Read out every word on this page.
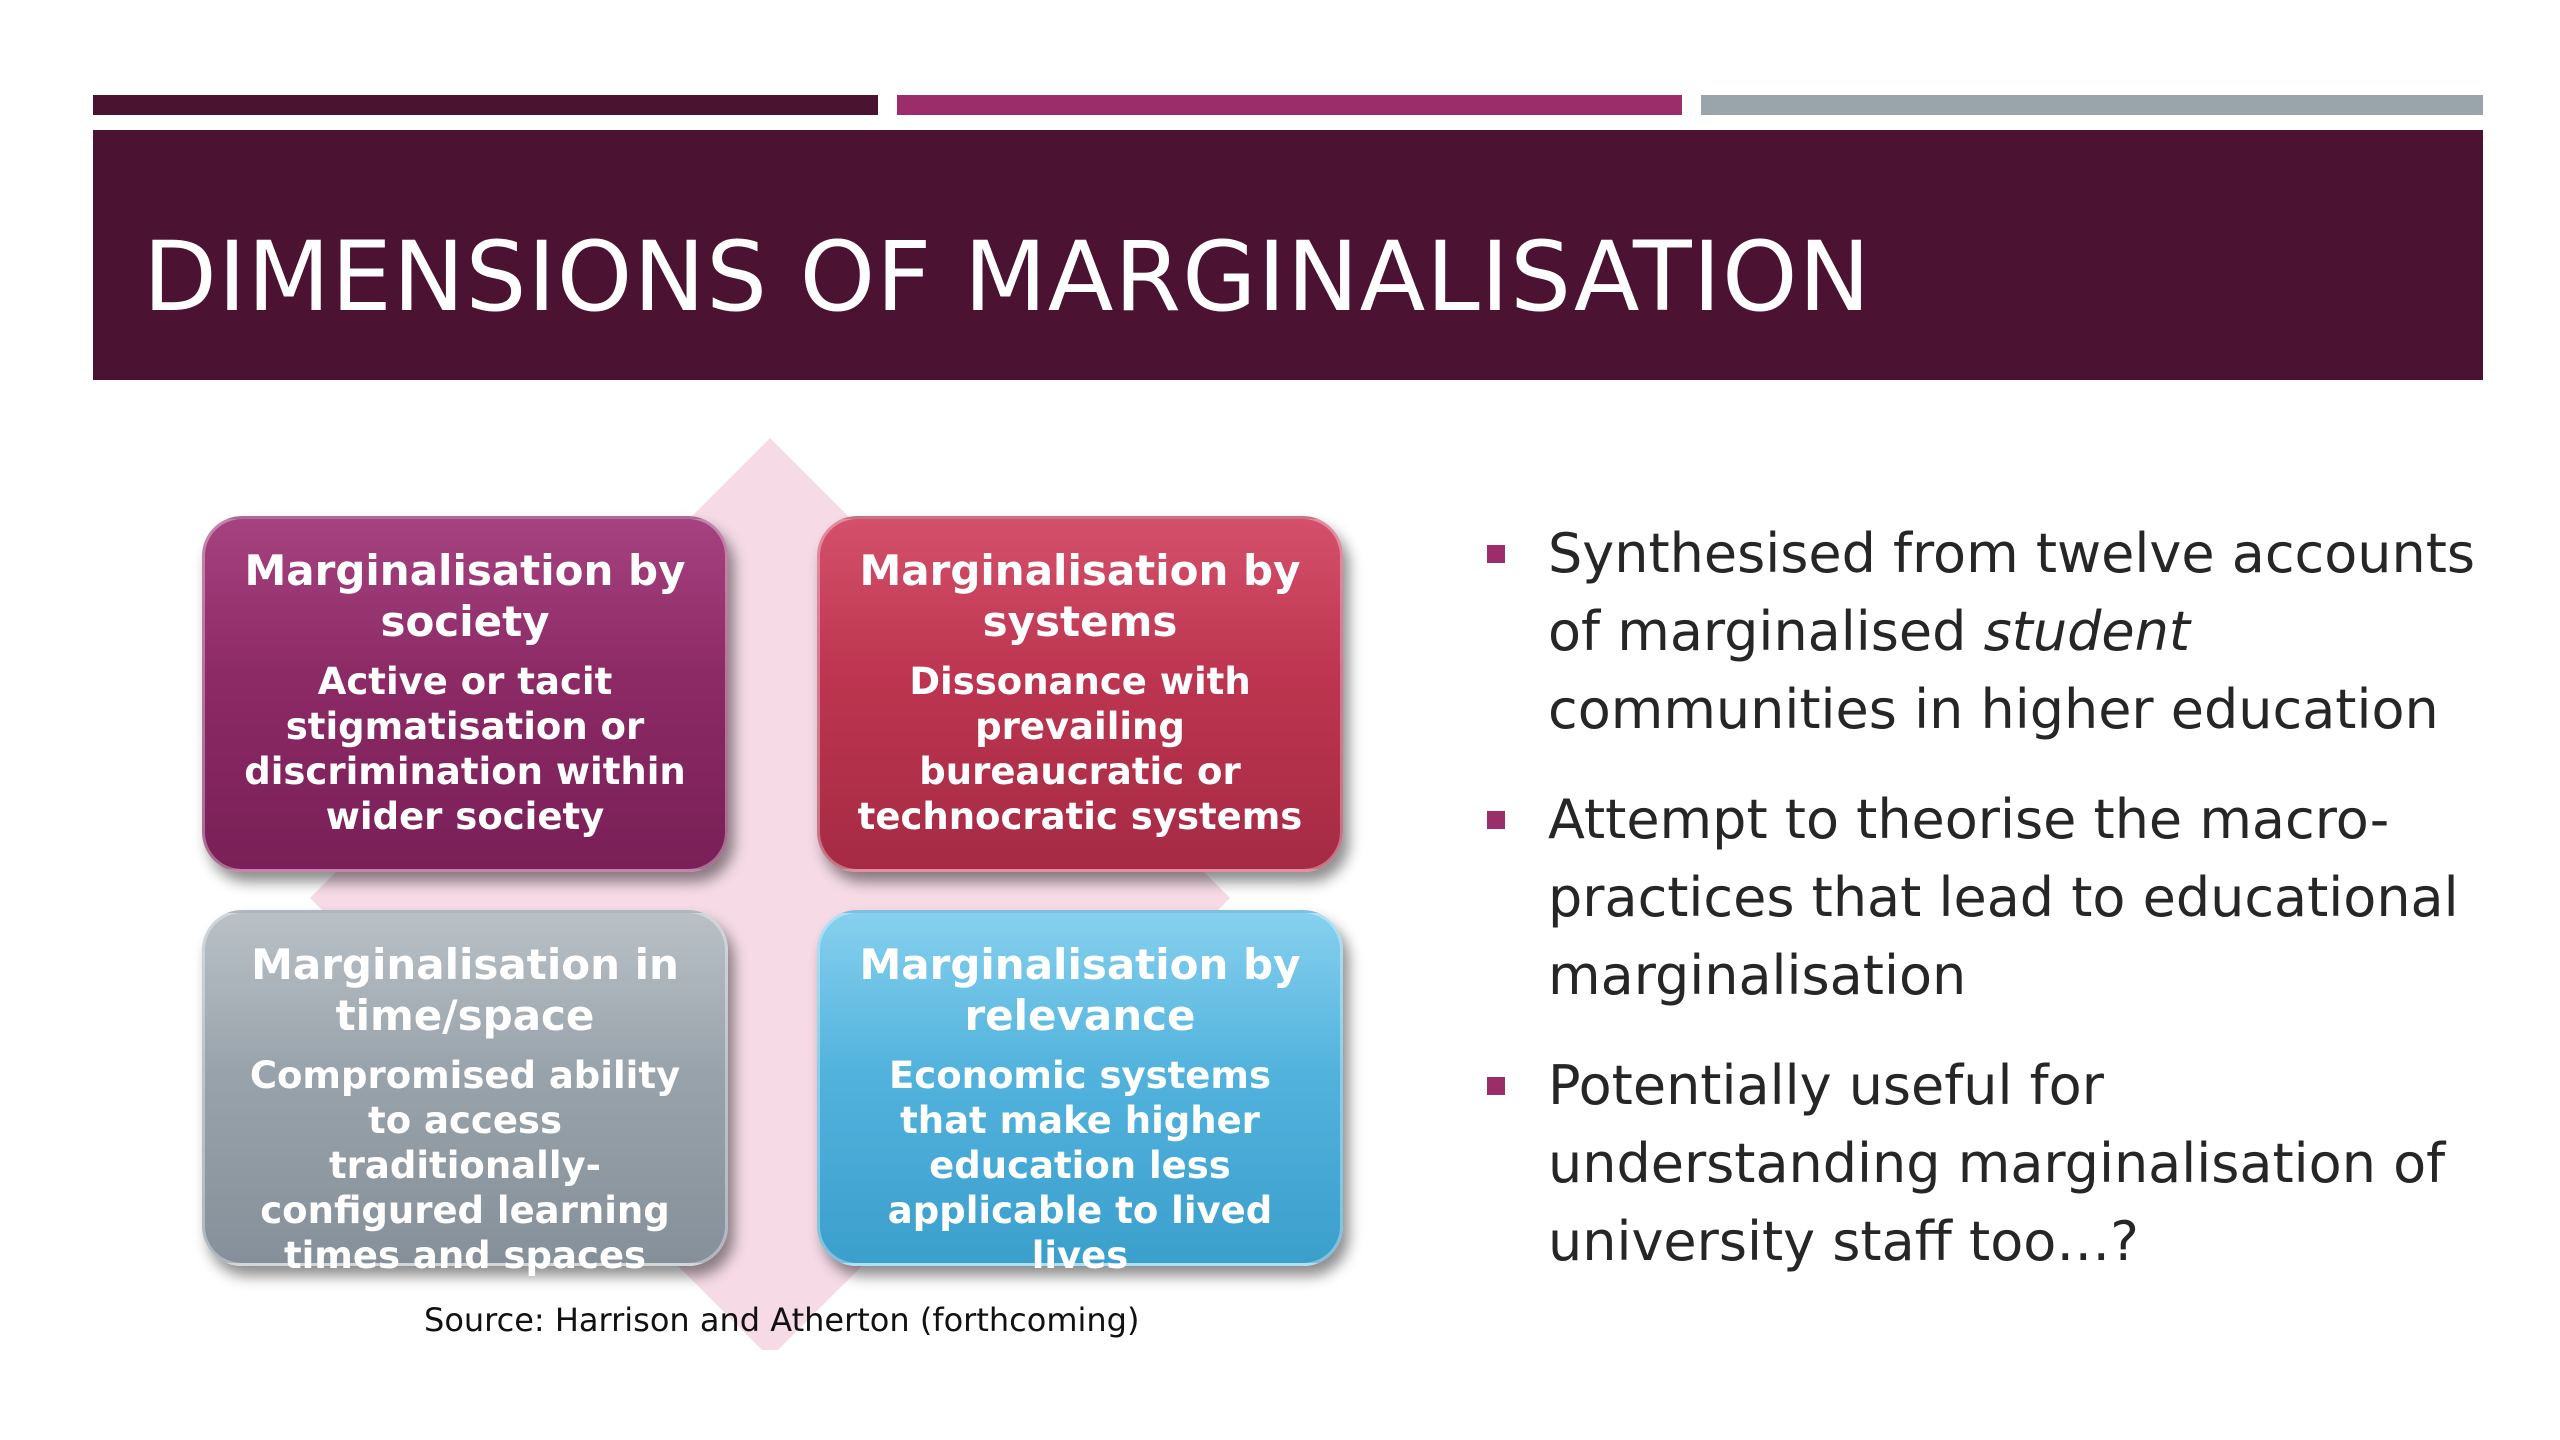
DIMENSIONS OF MARGINALISATION
Marginalisation by society
Active or tacit stigmatisation or discrimination within wider society
Marginalisation by systems
Dissonance with prevailing bureaucratic or technocratic systems
Marginalisation in time/space
Compromised ability to access traditionally-configured learning times and spaces
Marginalisation by relevance
Economic systems that make higher education less applicable to lived lives
Source: Harrison and Atherton (forthcoming)
Synthesised from twelve accounts of marginalised student communities in higher education
Attempt to theorise the macro-practices that lead to educational marginalisation
Potentially useful for understanding marginalisation of university staff too…?
